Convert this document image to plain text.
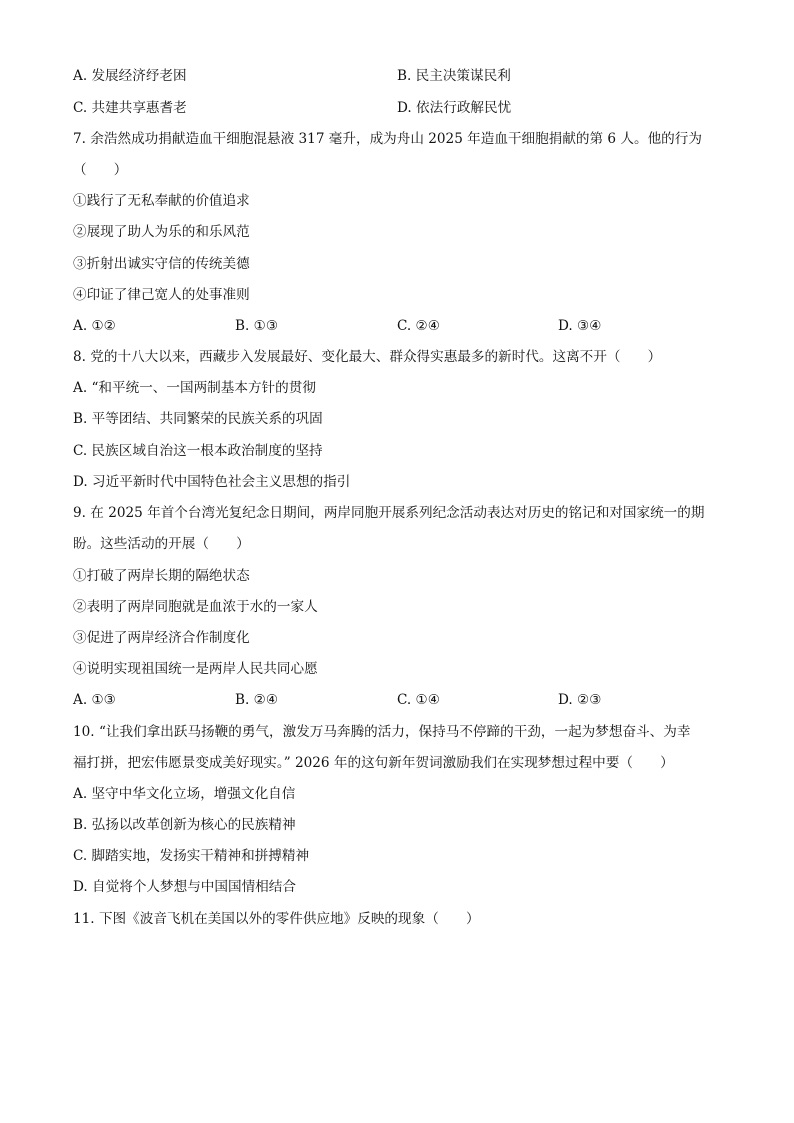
A. 发展经济纾老困	B. 民主决策谋民利
C. 共建共享惠耆老	D. 依法行政解民忧
7. 余浩然成功捐献造血干细胞混悬液 317 毫升，成为舟山 2025 年造血干细胞捐献的第 6 人。他的行为
（　　）
①践行了无私奉献的价值追求
②展现了助人为乐的和乐风范
③折射出诚实守信的传统美德
④印证了律己宽人的处事准则
A. ①②	B. ①③	C. ②④	D. ③④
8. 党的十八大以来，西藏步入发展最好、变化最大、群众得实惠最多的新时代。这离不开（　　）
A. “和平统一、一国两制基本方针的贯彻
B. 平等团结、共同繁荣的民族关系的巩固
C. 民族区域自治这一根本政治制度的坚持
D. 习近平新时代中国特色社会主义思想的指引
9. 在 2025 年首个台湾光复纪念日期间，两岸同胞开展系列纪念活动表达对历史的铭记和对国家统一的期
盼。这些活动的开展（　　）
①打破了两岸长期的隔绝状态
②表明了两岸同胞就是血浓于水的一家人
③促进了两岸经济合作制度化
④说明实现祖国统一是两岸人民共同心愿
A. ①③	B. ②④	C. ①④	D. ②③
10. “让我们拿出跃马扬鞭的勇气，激发万马奔腾的活力，保持马不停蹄的干劲，一起为梦想奋斗、为幸
福打拼，把宏伟愿景变成美好现实。” 2026 年的这句新年贺词激励我们在实现梦想过程中要（　　）
A. 坚守中华文化立场，增强文化自信
B. 弘扬以改革创新为核心的民族精神
C. 脚踏实地，发扬实干精神和拼搏精神
D. 自觉将个人梦想与中国国情相结合
11. 下图《波音飞机在美国以外的零件供应地》反映的现象（　　）
